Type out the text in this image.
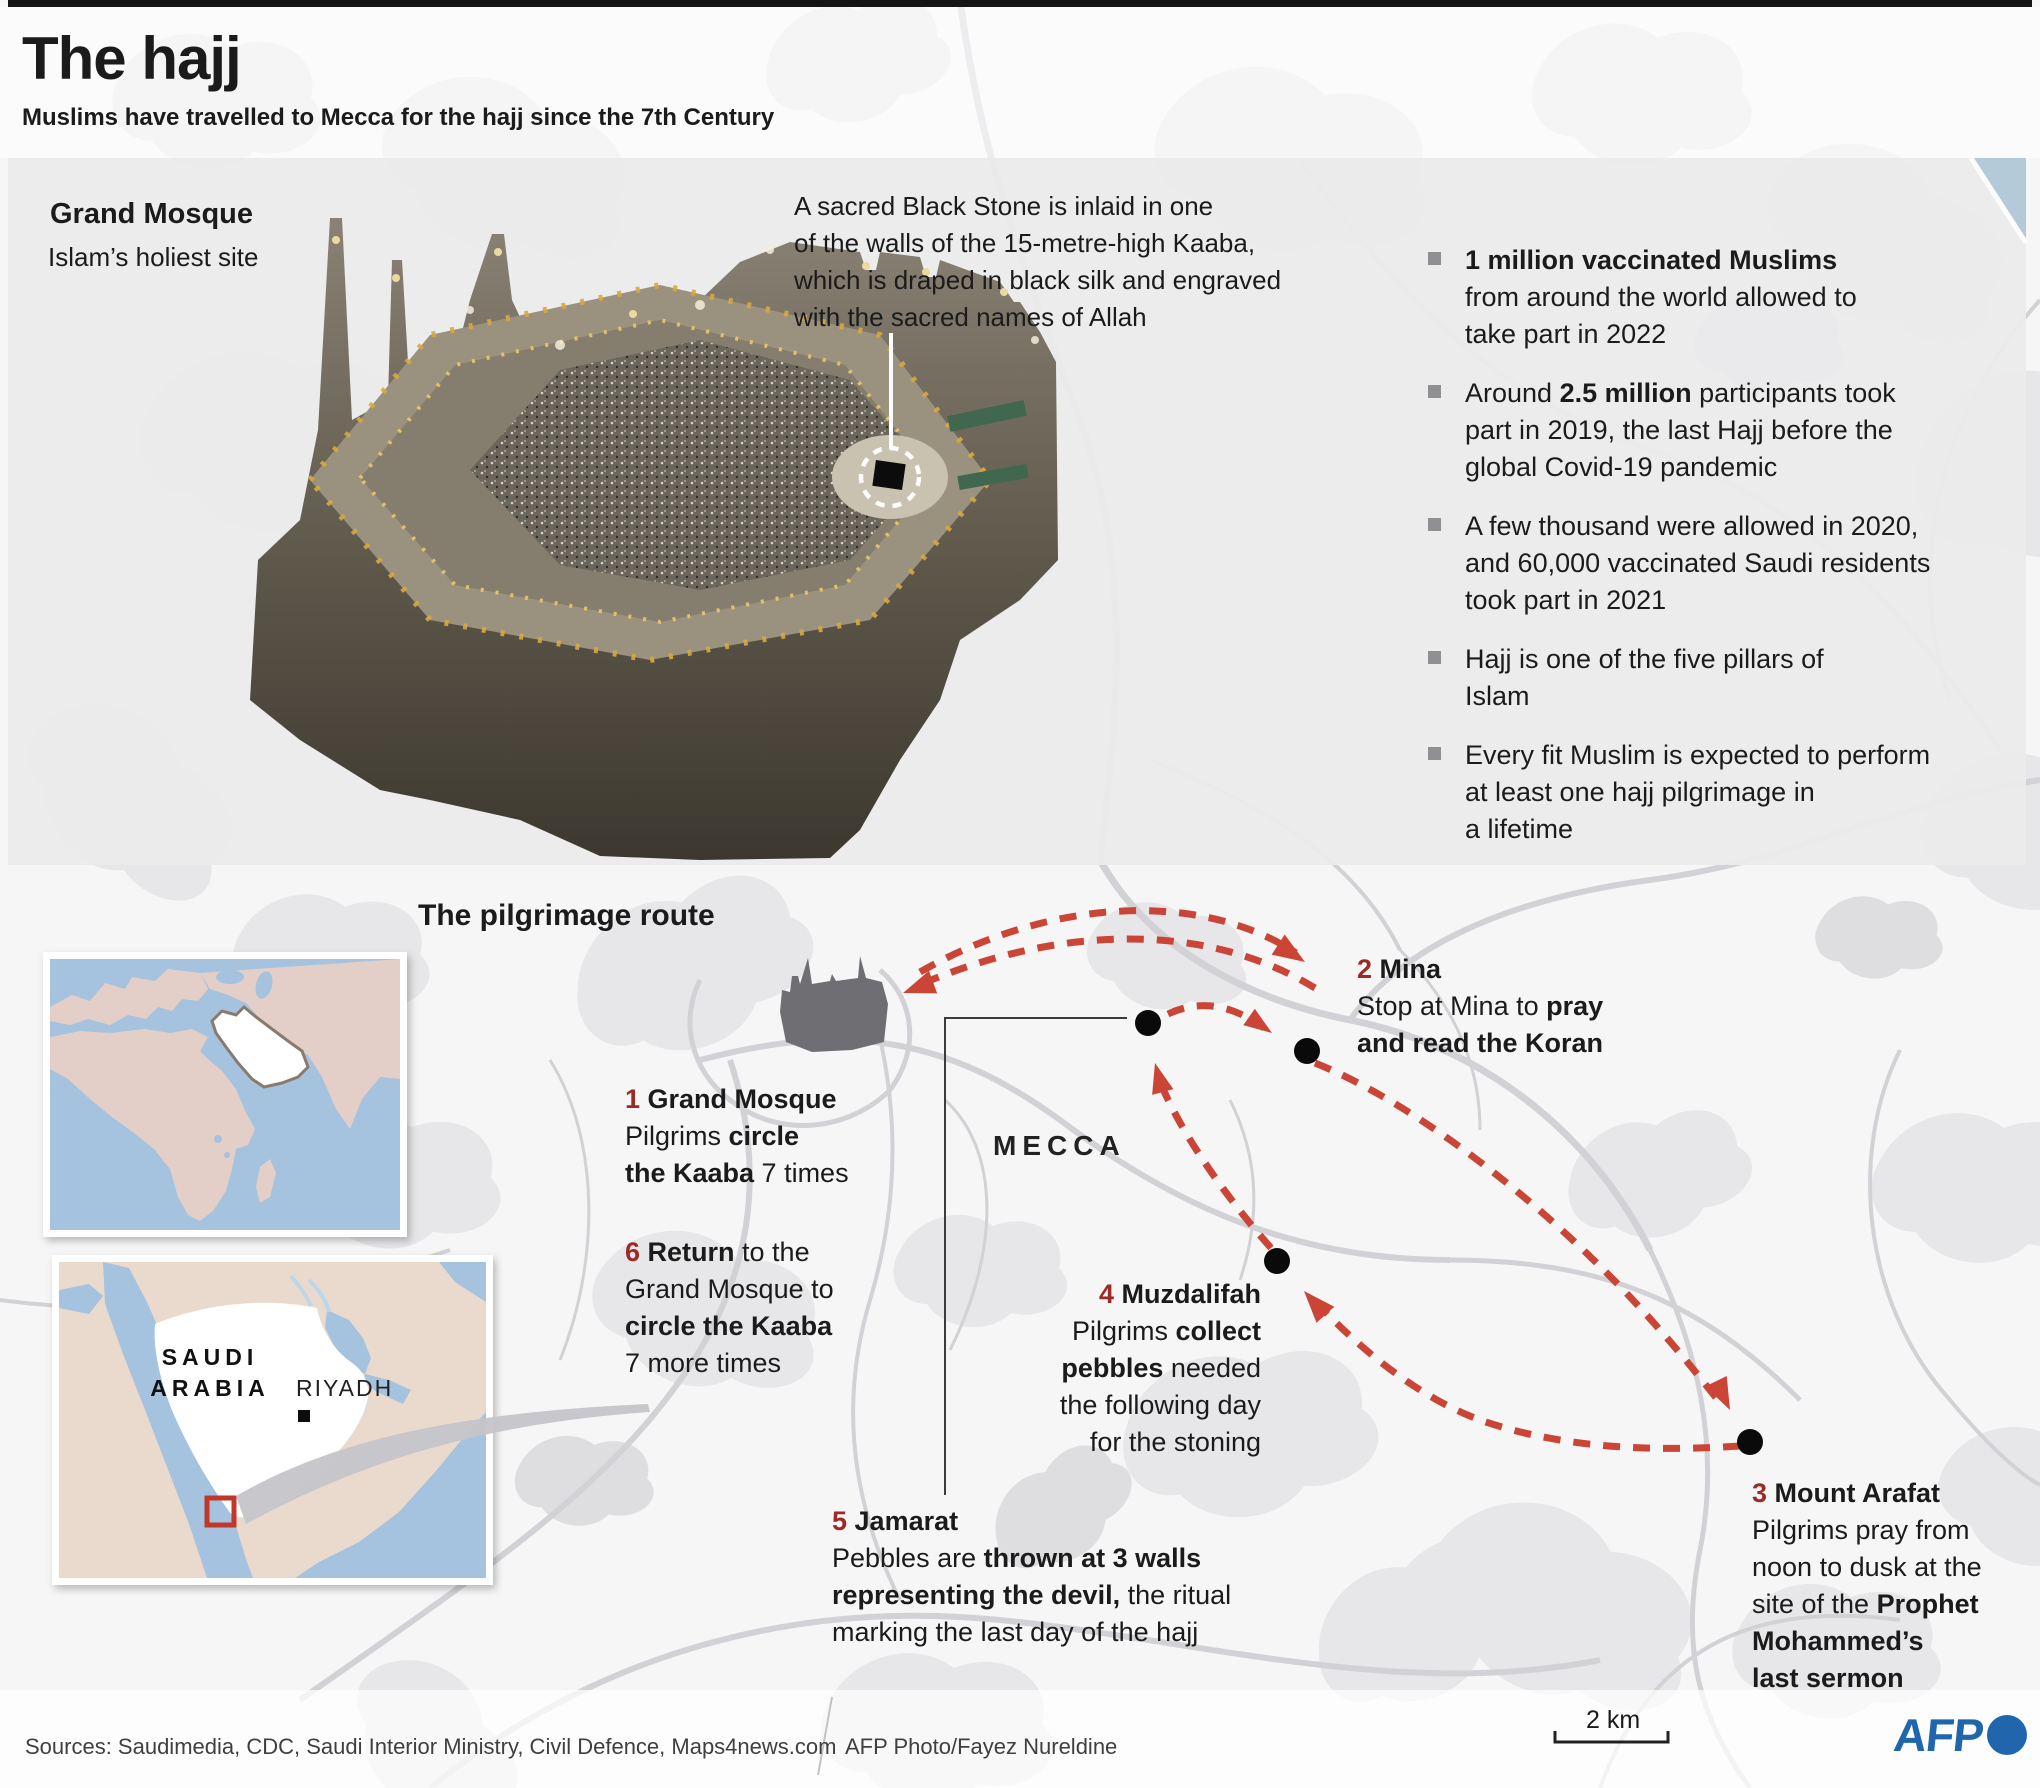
The hajj
Muslims have travelled to Mecca for the hajj since the 7th Century
Grand Mosque
Islam’s holiest site
A sacred Black Stone is inlaid in one
of the walls of the 15-metre-high Kaaba,
which is draped in black silk and engraved
with the sacred names of Allah
1 million vaccinated Muslims
from around the world allowed to
take part in 2022
Around 2.5 million participants took
part in 2019, the last Hajj before the
global Covid-19 pandemic
A few thousand were allowed in 2020,
and 60,000 vaccinated Saudi residents
took part in 2021
Hajj is one of the five pillars of
Islam
Every fit Muslim is expected to perform
at least one hajj pilgrimage in
a lifetime
The pilgrimage route
1 Grand Mosque
Pilgrims circle
the Kaaba 7 times
6 Return to the
Grand Mosque to
circle the Kaaba
7 more times
2 Mina
Stop at Mina to pray
and read the Koran
4 Muzdalifah
Pilgrims collect
pebbles needed
the following day
for the stoning
5 Jamarat
Pebbles are thrown at 3 walls
representing the devil, the ritual
marking the last day of the hajj
3 Mount Arafat
Pilgrims pray from
noon to dusk at the
site of the Prophet
Mohammed’s
last sermon
MECCA
SAUDI
ARABIA	RIYADH
2 km
Sources: Saudimedia, CDC, Saudi Interior Ministry, Civil Defence, Maps4news.com AFP Photo/Fayez Nureldine	AFP
